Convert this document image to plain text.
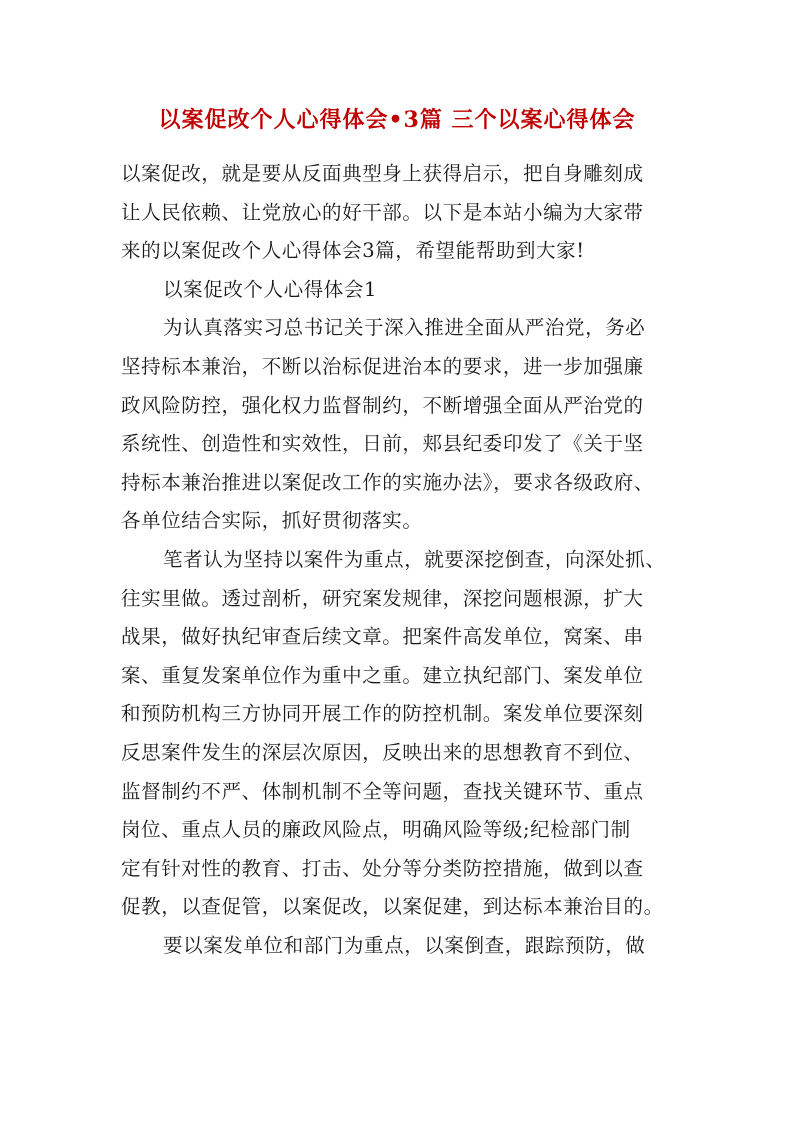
以案促改个人心得体会•3篇 三个以案心得体会
以案促改，就是要从反面典型身上获得启示，把自身雕刻成
让人民依赖、让党放心的好干部。以下是本站小编为大家带
来的以案促改个人心得体会3篇，希望能帮助到大家!
以案促改个人心得体会1
为认真落实习总书记关于深入推进全面从严治党，务必
坚持标本兼治，不断以治标促进治本的要求，进一步加强廉
政风险防控，强化权力监督制约，不断增强全面从严治党的
系统性、创造性和实效性，日前，郏县纪委印发了《关于坚
持标本兼治推进以案促改工作的实施办法》，要求各级政府、
各单位结合实际，抓好贯彻落实。
笔者认为坚持以案件为重点，就要深挖倒查，向深处抓、
往实里做。透过剖析，研究案发规律，深挖问题根源，扩大
战果，做好执纪审查后续文章。把案件高发单位，窝案、串
案、重复发案单位作为重中之重。建立执纪部门、案发单位
和预防机构三方协同开展工作的防控机制。案发单位要深刻
反思案件发生的深层次原因，反映出来的思想教育不到位、
监督制约不严、体制机制不全等问题，查找关键环节、重点
岗位、重点人员的廉政风险点，明确风险等级;纪检部门制
定有针对性的教育、打击、处分等分类防控措施，做到以查
促教，以查促管，以案促改，以案促建，到达标本兼治目的。
要以案发单位和部门为重点，以案倒查，跟踪预防，做
